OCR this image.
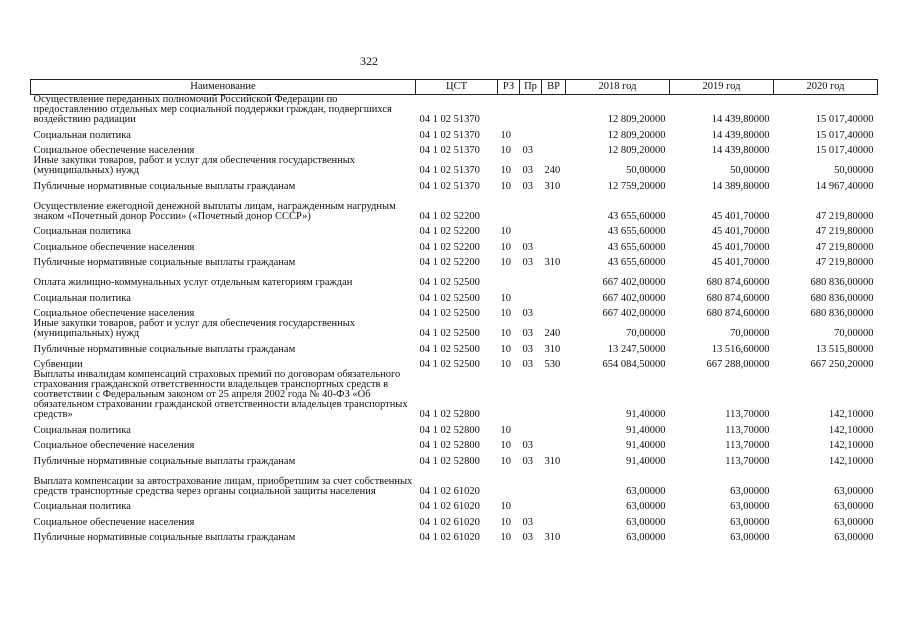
322
Наименование	ЦСТ	РЗ	Пр	ВР	2018 год	2019 год	2020 год
Осуществление переданных полномочий Российской Федерации по предоставлению отдельных мер социальной поддержки граждан, подвергшихся воздействию радиации	04 1 02 51370				12 809,20000	14 439,80000	15 017,40000
Социальная политика	04 1 02 51370	10			12 809,20000	14 439,80000	15 017,40000
Социальное обеспечение населения	04 1 02 51370	10	03		12 809,20000	14 439,80000	15 017,40000
Иные закупки товаров, работ и услуг для обеспечения государственных (муниципальных) нужд	04 1 02 51370	10	03	240	50,00000	50,00000	50,00000
Публичные нормативные социальные выплаты гражданам	04 1 02 51370	10	03	310	12 759,20000	14 389,80000	14 967,40000
Осуществление ежегодной денежной выплаты лицам, награжденным нагрудным знаком «Почетный донор России» («Почетный донор СССР»)	04 1 02 52200				43 655,60000	45 401,70000	47 219,80000
Социальная политика	04 1 02 52200	10			43 655,60000	45 401,70000	47 219,80000
Социальное обеспечение населения	04 1 02 52200	10	03		43 655,60000	45 401,70000	47 219,80000
Публичные нормативные социальные выплаты гражданам	04 1 02 52200	10	03	310	43 655,60000	45 401,70000	47 219,80000
Оплата жилищно-коммунальных услуг отдельным категориям граждан	04 1 02 52500				667 402,00000	680 874,60000	680 836,00000
Социальная политика	04 1 02 52500	10			667 402,00000	680 874,60000	680 836,00000
Социальное обеспечение населения	04 1 02 52500	10	03		667 402,00000	680 874,60000	680 836,00000
Иные закупки товаров, работ и услуг для обеспечения государственных (муниципальных) нужд	04 1 02 52500	10	03	240	70,00000	70,00000	70,00000
Публичные нормативные социальные выплаты гражданам	04 1 02 52500	10	03	310	13 247,50000	13 516,60000	13 515,80000
Субвенции	04 1 02 52500	10	03	530	654 084,50000	667 288,00000	667 250,20000
Выплаты инвалидам компенсаций страховых премий по договорам обязательного страхования гражданской ответственности владельцев транспортных средств в соответствии с Федеральным законом от 25 апреля 2002 года № 40-ФЗ «Об обязательном страховании гражданской ответственности владельцев транспортных средств»	04 1 02 52800				91,40000	113,70000	142,10000
Социальная политика	04 1 02 52800	10			91,40000	113,70000	142,10000
Социальное обеспечение населения	04 1 02 52800	10	03		91,40000	113,70000	142,10000
Публичные нормативные социальные выплаты гражданам	04 1 02 52800	10	03	310	91,40000	113,70000	142,10000
Выплата компенсации за автострахование лицам, приобретшим за счет собственных средств транспортные средства через органы социальной защиты населения	04 1 02 61020				63,00000	63,00000	63,00000
Социальная политика	04 1 02 61020	10			63,00000	63,00000	63,00000
Социальное обеспечение населения	04 1 02 61020	10	03		63,00000	63,00000	63,00000
Публичные нормативные социальные выплаты гражданам	04 1 02 61020	10	03	310	63,00000	63,00000	63,00000
· · · · · · · · · · · · ·
